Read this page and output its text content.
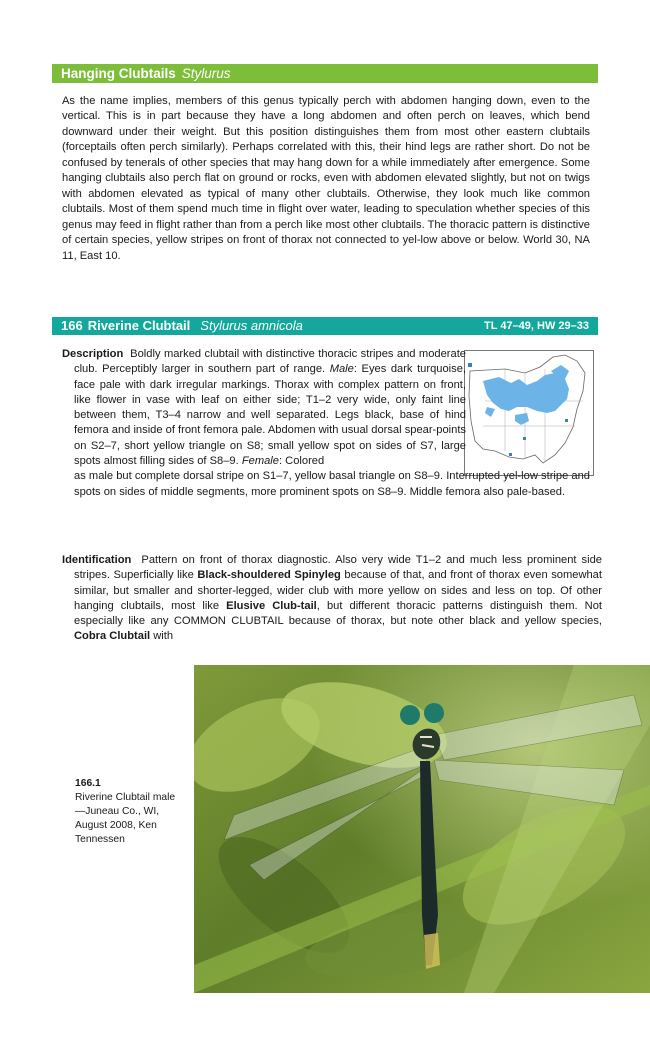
Hanging Clubtails Stylurus

As the name implies, members of this genus typically perch with abdomen hanging down, even to the vertical. This is in part because they have a long abdomen and often perch on leaves, which bend downward under their weight. But this position distinguishes them from most other eastern clubtails (forceptails often perch similarly). Perhaps correlated with this, their hind legs are rather short. Do not be confused by tenerals of other species that may hang down for a while immediately after emergence. Some hanging clubtails also perch flat on ground or rocks, even with abdomen elevated slightly, but not on twigs with abdomen elevated as typical of many other clubtails. Otherwise, they look much like common clubtails. Most of them spend much time in flight over water, leading to speculation whether species of this genus may feed in flight rather than from a perch like most other clubtails. The thoracic pattern is distinctive of certain species, yellow stripes on front of thorax not connected to yel-low above or below. World 30, NA 11, East 10.

166 Riverine Clubtail Stylurus amnicola	TL 47–49, HW 29–33
Description Boldly marked clubtail with distinctive thoracic stripes and moderate club. Perceptibly larger in southern part of range. Male: Eyes dark turquoise, face pale with dark irregular markings. Thorax with complex pattern on front, like flower in vase with leaf on either side; T1–2 very wide, only faint line between them, T3–4 narrow and well separated. Legs black, base of hind femora and inside of front femora pale. Abdomen with usual dorsal spear-points on S2–7, short yellow triangle on S8; small yellow spot on sides of S7, large spots almost filling sides of S8–9. Female: Colored
as male but complete dorsal stripe on S1–7, yellow basal triangle on S8–9. Interrupted yel-low stripe and spots on sides of middle segments, more prominent spots on S8–9. Middle femora also pale-based.
Identification Pattern on front of thorax diagnostic. Also very wide T1–2 and much less prominent side stripes. Superficially like Black-shouldered Spinyleg because of that, and front of thorax even somewhat similar, but smaller and shorter-legged, wider club with more yellow on sides and less on top. Of other hanging clubtails, most like Elusive Club-tail, but different thoracic patterns distinguish them. Not especially like any COMMON CLUBTAIL because of thorax, but note other black and yellow species, Cobra Clubtail with
166.1
Riverine Clubtail male—Juneau Co., WI, August 2008, Ken Tennessen
